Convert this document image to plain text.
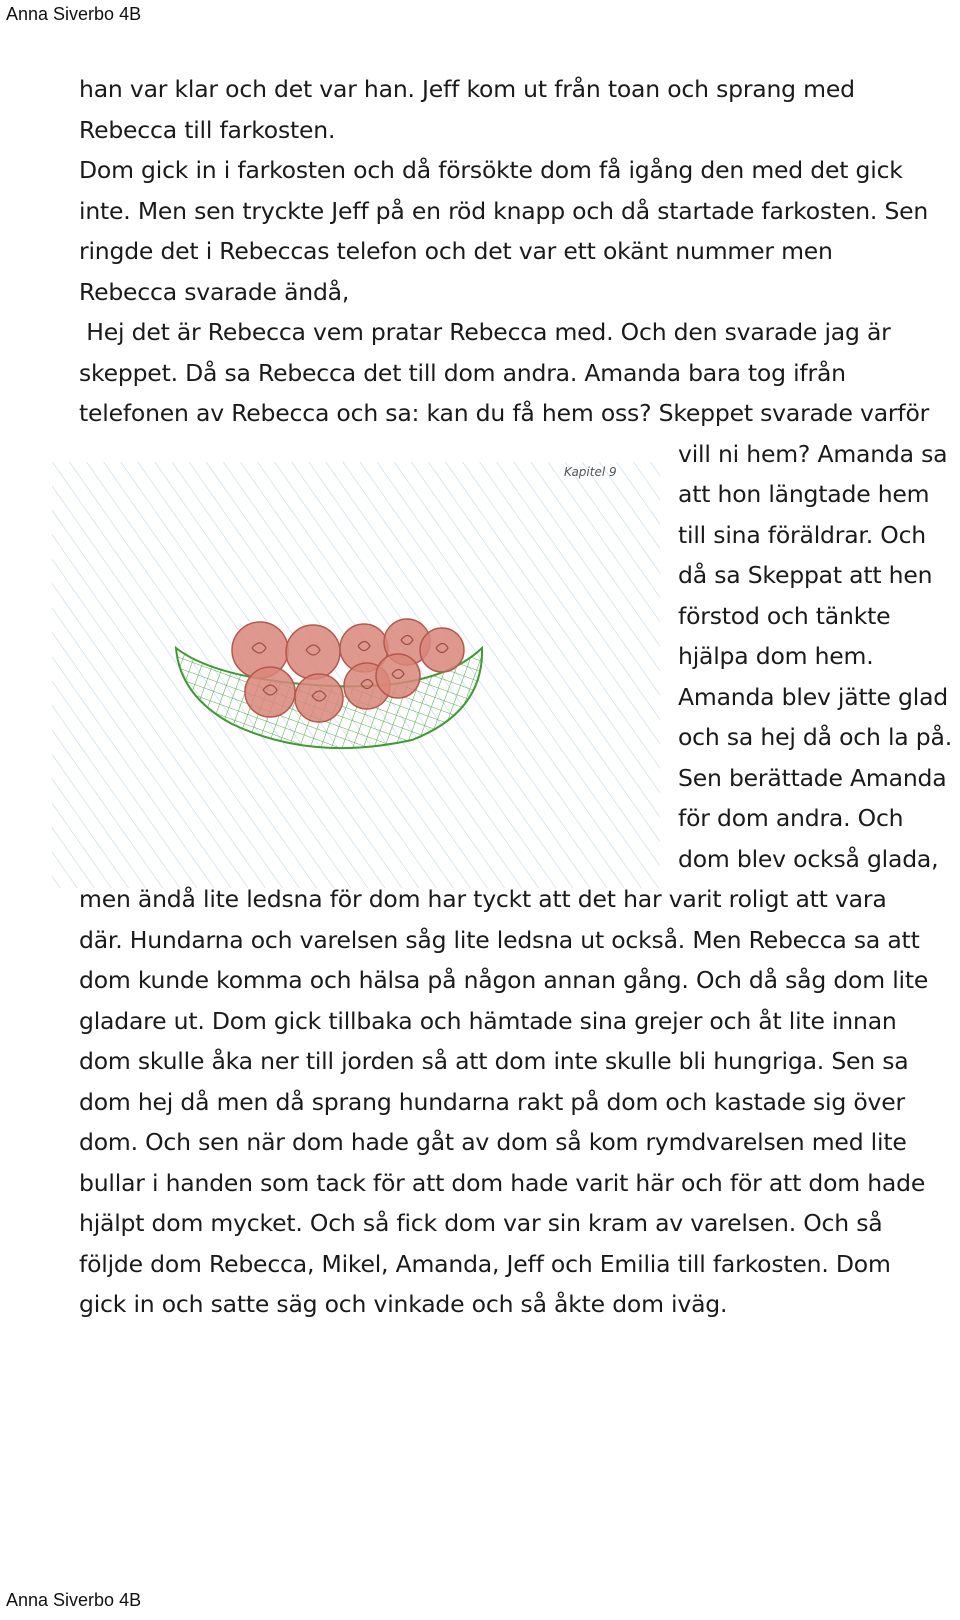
Anna Siverbo 4B
han var klar och det var han. Jeff kom ut från toan och sprang med
Rebecca till farkosten.
Dom gick in i farkosten och då försökte dom få igång den med det gick
inte. Men sen tryckte Jeff på en röd knapp och då startade farkosten. Sen
ringde det i Rebeccas telefon och det var ett okänt nummer men
Rebecca svarade ändå,
Hej det är Rebecca vem pratar Rebecca med. Och den svarade jag är
skeppet. Då sa Rebecca det till dom andra. Amanda bara tog ifrån
telefonen av Rebecca och sa: kan du få hem oss? Skeppet svarade varför
Kapitel 9
vill ni hem? Amanda sa
att hon längtade hem
till sina föräldrar. Och
då sa Skeppat att hen
förstod och tänkte
hjälpa dom hem.
Amanda blev jätte glad
och sa hej då och la på.
Sen berättade Amanda
för dom andra. Och
dom blev också glada,
men ändå lite ledsna för dom har tyckt att det har varit roligt att vara
där. Hundarna och varelsen såg lite ledsna ut också. Men Rebecca sa att
dom kunde komma och hälsa på någon annan gång. Och då såg dom lite
gladare ut. Dom gick tillbaka och hämtade sina grejer och åt lite innan
dom skulle åka ner till jorden så att dom inte skulle bli hungriga. Sen sa
dom hej då men då sprang hundarna rakt på dom och kastade sig över
dom. Och sen när dom hade gåt av dom så kom rymdvarelsen med lite
bullar i handen som tack för att dom hade varit här och för att dom hade
hjälpt dom mycket. Och så fick dom var sin kram av varelsen. Och så
följde dom Rebecca, Mikel, Amanda, Jeff och Emilia till farkosten. Dom
gick in och satte säg och vinkade och så åkte dom iväg.
Anna Siverbo 4B
